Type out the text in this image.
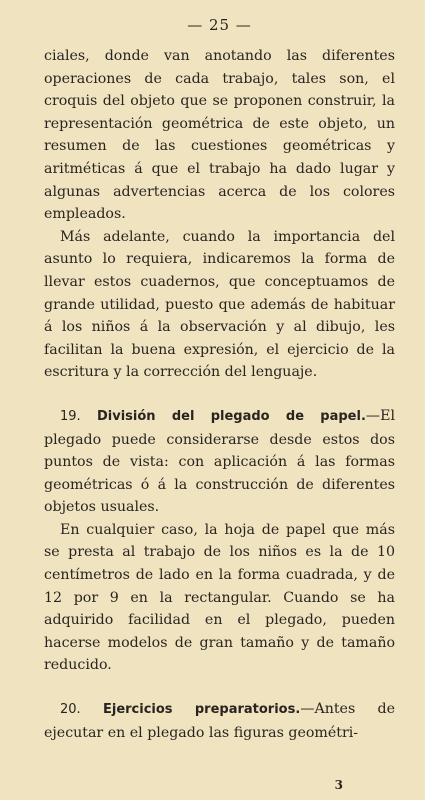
— 25 —

ciales, donde van anotando las diferentes operaciones de cada trabajo, tales son, el croquis del objeto que se proponen construir, la representación geométrica de este objeto, un resumen de las cuestiones geométricas y aritméticas á que el trabajo ha dado lugar y algunas advertencias acerca de los colores empleados.

Más adelante, cuando la importancia del asunto lo requiera, indicaremos la forma de llevar estos cuadernos, que conceptuamos de grande utilidad, puesto que además de habituar á los niños á la observación y al dibujo, les facilitan la buena expresión, el ejercicio de la escritura y la corrección del lenguaje.

19. División del plegado de papel.—El plegado puede considerarse desde estos dos puntos de vista: con aplicación á las formas geométricas ó á la construcción de diferentes objetos usuales.

En cualquier caso, la hoja de papel que más se presta al trabajo de los niños es la de 10 centímetros de lado en la forma cuadrada, y de 12 por 9 en la rectangular. Cuando se ha adquirido facilidad en el plegado, pueden hacerse modelos de gran tamaño y de tamaño reducido.

20. Ejercicios preparatorios.—Antes de ejecutar en el plegado las figuras geométri-

3
